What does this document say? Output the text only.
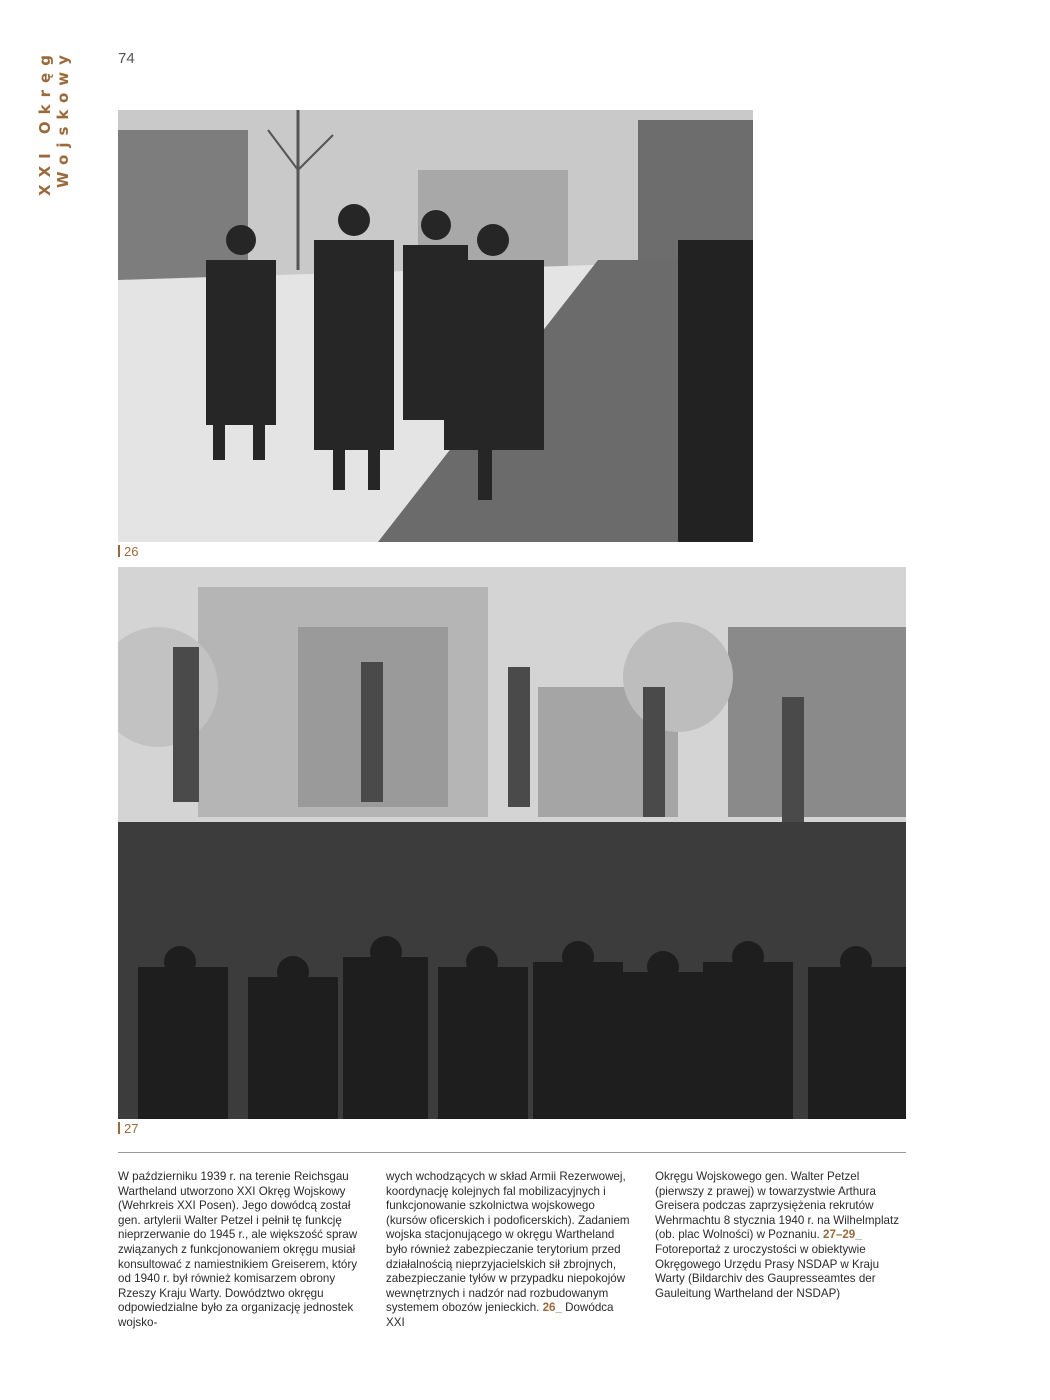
XXI Okręg Wojskowy	74
26
27
W październiku 1939 r. na terenie Reichsgau Wartheland utworzono XXI Okręg Wojskowy (Wehrkreis XXI Posen). Jego dowódcą został gen. artylerii Walter Petzel i pełnił tę funkcję nieprzerwanie do 1945 r., ale większość spraw związanych z funkcjonowaniem okręgu musiał konsultować z namiestnikiem Greiserem, który od 1940 r. był również komisarzem obrony Rzeszy Kraju Warty. Dowództwo okręgu odpowiedzialne było za organizację jednostek wojsko-
wych wchodzących w skład Armii Rezerwowej, koordynację kolejnych fal mobilizacyjnych i funkcjonowanie szkolnictwa wojskowego (kursów oficerskich i podoficerskich). Zadaniem wojska stacjonującego w okręgu Wartheland było również zabezpieczanie terytorium przed działalnością nieprzyjacielskich sił zbrojnych, zabezpieczanie tyłów w przypadku niepokojów wewnętrznych i nadzór nad rozbudowanym systemem obozów jenieckich. 26_ Dowódca XXI
Okręgu Wojskowego gen. Walter Petzel (pierwszy z prawej) w towarzystwie Arthura Greisera podczas zaprzysiężenia rekrutów Wehrmachtu 8 stycznia 1940 r. na Wilhelmplatz (ob. plac Wolności) w Poznaniu. 27–29_ Fotoreportaż z uroczystości w obiektywie Okręgowego Urzędu Prasy NSDAP w Kraju Warty (Bildarchiv des Gaupresseamtes der Gauleitung Wartheland der NSDAP)
